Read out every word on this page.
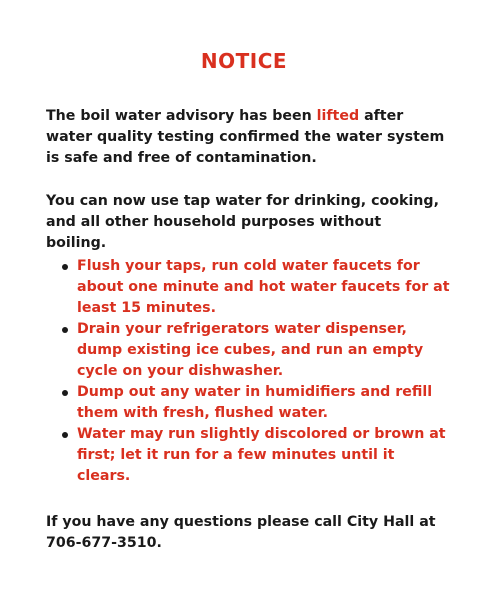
NOTICE

The boil water advisory has been lifted after water quality testing confirmed the water system is safe and free of contamination.

You can now use tap water for drinking, cooking, and all other household purposes without boiling.

Flush your taps, run cold water faucets for about one minute and hot water faucets for at least 15 minutes.
Drain your refrigerators water dispenser, dump existing ice cubes, and run an empty cycle on your dishwasher.
Dump out any water in humidifiers and refill them with fresh, flushed water.
Water may run slightly discolored or brown at first; let it run for a few minutes until it clears.

If you have any questions please call City Hall at 706-677-3510.
